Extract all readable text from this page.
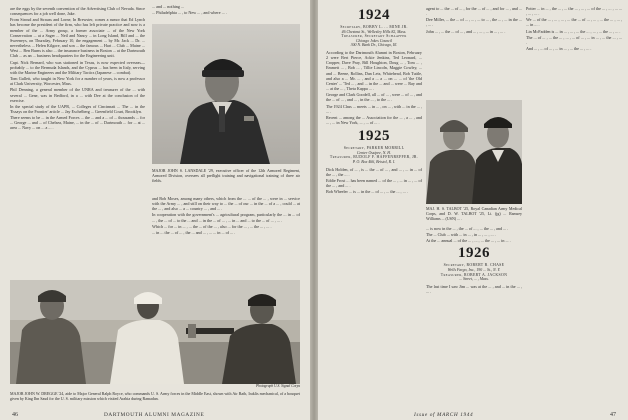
are the eggs by the seventh convention of the Advertising Club of Nevada. Since consequences for a job well done, Jake.

From Stroud and Strauss and Lorne, In Brewster, comes a rumor that Ed Lynch has become the president of the firm, who has left private practice and now is a member of the ... Army group, a former associate ... of the New York Conservation ... at a Sager ... Neil and Nancy ... in Long Island, Bill and ... the Sweeneys, on Thursday, February 10, the engagement ... by Mr. Jack ... Dr. ... nevertheless ... Helen Kilgore, and son ... the famous ... Hart ... Club ... Maine ... West ... Ben Burns is also ... the insurance business in Boston ... at the Dartmouth Club ... as an ... business headquarters for the Engineering unit.

Capt. Nick Bernard, who was stationed in Texas, is now expected overseas—probably ... to the Bermuda Islands, and the Cyprus ... has been in Italy, serving with the Marine Engineers and the Military Tactics (Japanese ... combat).

Tom Gullett, who taught in New York for a number of years, is now a professor at Clark University, Worcester, Mass.

Phil Denning, a general member of the UNRA and treasurer of the ... with several ... Gene, was in Bedford, in a ... with Dee at the conclusion of the exercise.

In the special study of the UAPR, ... Colleges of Cincinnati ... The ... in the 'Essays on the Frontier' article ... Jay Eschelberg ... Greenfield Court, Brooklyn.

There seems to be ... in the Armed Forces ... the ... and a ... of ... thousands ... for ... George ... and ... of Chelsea, Maine, ... in the ... of ... Dartmouth ... for ... at ... area ... Navy ... on ... a ... .

... and ... nothing ...

... Philadelphia ... , to New ... , and where ... .

MAJOR JOHN S. LANSDALE '29, executive officer of the 12th Armored Regiment, Armored Division, oversees all preflight training and navigational training of three air fields.

and Bob Moses, among many others, which from the ... ... of the ... , were in ... service with the Army ... , and still on their way to ... the ... of our ... in the ... of a ... , could ... at the ... , and also ... a ... country ... , and ... .

In cooperation with the government's ... agricultural program, particularly the ... in ... of ... , the ... of ... to the ... and ... in the ... of ... , ... in ... and ... to the ... of ... , ... .

Which ... for ... in ... , ... the ... of the ... , also ... for the ... , ... the ... , ... .

... in ... the ... of ... , the ... and ... , ... ... in ... of ... .

Photograph U.S. Signal Corps

MAJOR JOHN W. DREGGE '24, aide to Major General Ralph Royce, who commands U. S. Army forces in the Middle East, shown with Air Ratb, Iraklis mechanical, of a bouquet given by King Ibn Saud for the U. S. military mission which visited Arabia during Ramadan.

46	DARTMOUTH ALUMNI MAGAZINE
1924

Secretary, BOBBY L. ... MINE JR.

46 Chestnut St., Wellesley Hills 82, Mass.

Treasurer, Secretary Schaaffer

Chicago Jokes Council

300 N. Bank Dr., Chicago, Ill.

According to the Dartmouth Alumni in Boston, February 2 were Bert Pierce, Ackie Jenkins, Ted Leonard, ... Cropper, Dave Pray, Bill Houghton, Doug ... , Tom ... , Emmett ... , Bob ... , Tillie Lincoln, Maggie Cowley, ... and ... Beene, Rollins, Dan Letz, Whitehead, Bob Tuttle, and also a ... Mr. ... , and a ... a ... on ... ... of 'the Old Center' ... 'Ted ... , and ... in the ... and ... were ... Ray and ... at the ... , Theta Kappa ... .

George and Clark Goodell, all ... of ... , were ... of ... , and the ... of ... , and ... , in the ... , to the ... .

The 1924 Class ... meets ... in ... , on ... , with ... in the ... , ... .

Recent ... among the ... Association for the ... , a ... , and ... , ... in New York, ... , ... of ... .

1925

Secretary, PARKER MORRILL

Center Ossipee, N. H.

Treasurer, RUDOLF F. HAFFENREFFER, JR.

P. O. Box 466, Bristol, R. I.

Dick Holden, of ... , is ... the ... of ... , and ... , ... in ... of the ... , the ... .

Eddie Frost ... has been named ... of the ... , ... in ... , ... of the ... , and ... .

Bob Wheeler ... is ... in the ... of ... , ... the ... , ... .

agent to ... the ... of ... , for the ... of ... , and for ... , and ... .

Dee Miller, ... the ... of ... , ... , ... to ... , the ... , ... in the ... , ... .

John ... , ... the ... of ... , and ... , ... , ... in ... , ... .

MAJ. H. S. TALBOT '25, Royal Canadian Army Medical Corps, and D. W. TALBOT '25, Li. (jg) ... Ramsey Williams ... (USN) ... .

... is now in the ... , the ... of ... , ... the ... , and ... .

The ... Club ... with ... in ... , in ... , ... , ... .

At the ... annual ... of the ... , ... , ... the ... , ... in ... .

1926

Secretary, ROBERT B. CHASE

Wells Fargo, Inc., 190 ... St., N. Y.

Treasurer, ROBERT A. JACKSON

... Street, ... , Mass.

The last time I saw Jim ... was at the ... , and ... in the ... , ... .

Potter ... in ... , the ... , ... the ... , ... , ... of the ... , ... , ... ... , ... , ... .

We ... of the ... , ... , ... , ... the ... of ... , ... , ... the ... , ... , ... in ... .

Lin McFadden is ... in ... , ... , ... the ... , ... , ... the ... , ... .

The ... of ... , ... the ... , ... , ... of ... , ... in ... , ... the ... , ... .

And ... , ... of ... , ... in ... , ... the ... , ... .

Issue of MARCH 1944	47
